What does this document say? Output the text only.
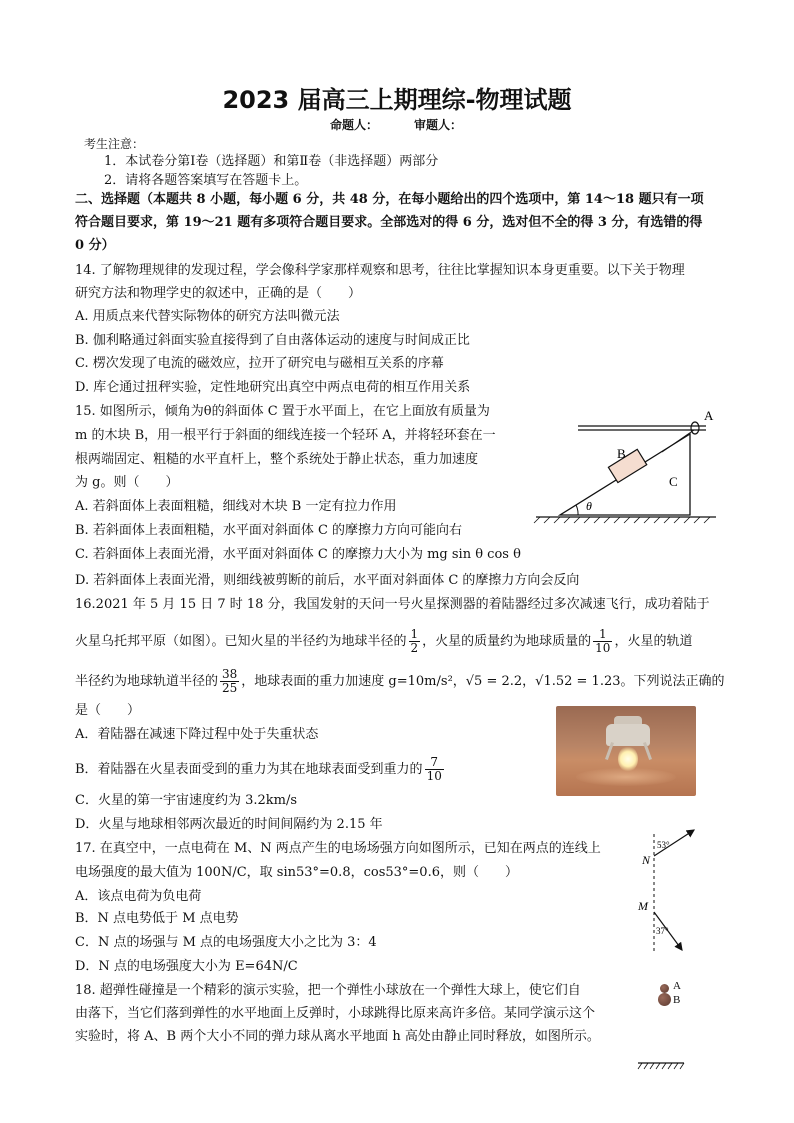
2023 届高三上期理综-物理试题
命题人：	审题人：
考生注意：
1．本试卷分第Ⅰ卷（选择题）和第Ⅱ卷（非选择题）两部分
2．请将各题答案填写在答题卡上。
二、选择题（本题共 8 小题，每小题 6 分，共 48 分，在每小题给出的四个选项中，第 14～18 题只有一项
符合题目要求，第 19～21 题有多项符合题目要求。全部选对的得 6 分，选对但不全的得 3 分，有选错的得
0 分）
14. 了解物理规律的发现过程，学会像科学家那样观察和思考，往往比掌握知识本身更重要。以下关于物理
研究方法和物理学史的叙述中，正确的是（　　）
A. 用质点来代替实际物体的研究方法叫微元法
B. 伽利略通过斜面实验直接得到了自由落体运动的速度与时间成正比
C. 楞次发现了电流的磁效应，拉开了研究电与磁相互关系的序幕
D. 库仑通过扭秤实验，定性地研究出真空中两点电荷的相互作用关系
15. 如图所示，倾角为θ的斜面体 C 置于水平面上，在它上面放有质量为
m 的木块 B，用一根平行于斜面的细线连接一个轻环 A，并将轻环套在一
根两端固定、粗糙的水平直杆上，整个系统处于静止状态，重力加速度
为 g。则（　　）
A. 若斜面体上表面粗糙，细线对木块 B 一定有拉力作用
B. 若斜面体上表面粗糙，水平面对斜面体 C 的摩擦力方向可能向右
C. 若斜面体上表面光滑，水平面对斜面体 C 的摩擦力大小为 mg sin θ cos θ
D. 若斜面体上表面光滑，则细线被剪断的前后，水平面对斜面体 C 的摩擦力方向会反向
A
B
C
θ
16.2021 年 5 月 15 日 7 时 18 分，我国发射的天问一号火星探测器的着陆器经过多次减速飞行，成功着陆于
火星乌托邦平原（如图）。已知火星的半径约为地球半径的 $\frac{1}{2}$ ，火星的质量约为地球质量的 $\frac{1}{10}$ ，火星的轨道
半径约为地球轨道半径的 $\frac{38}{25}$ ，地球表面的重力加速度 g=10m/s²，√5 = 2.2，√1.52 = 1.23。下列说法正确的
是（　　）
A．着陆器在减速下降过程中处于失重状态
B．着陆器在火星表面受到的重力为其在地球表面受到重力的 $\frac{7}{10}$
C．火星的第一宇宙速度约为 3.2km/s
D．火星与地球相邻两次最近的时间间隔约为 2.15 年
17. 在真空中，一点电荷在 M、N 两点产生的电场场强方向如图所示，已知在两点的连线上
电场强度的最大值为 100N/C，取 sin53°=0.8，cos53°=0.6，则（　　）
A．该点电荷为负电荷
B．N 点电势低于 M 点电势
C．N 点的场强与 M 点的电场强度大小之比为 3：4
D．N 点的电场强度大小为 E=64N/C
53°
N
M
37°
18. 超弹性碰撞是一个精彩的演示实验，把一个弹性小球放在一个弹性大球上，使它们自
由落下，当它们落到弹性的水平地面上反弹时，小球跳得比原来高许多倍。某同学演示这个
实验时，将 A、B 两个大小不同的弹力球从离水平地面 h 高处由静止同时释放，如图所示。
A
B
